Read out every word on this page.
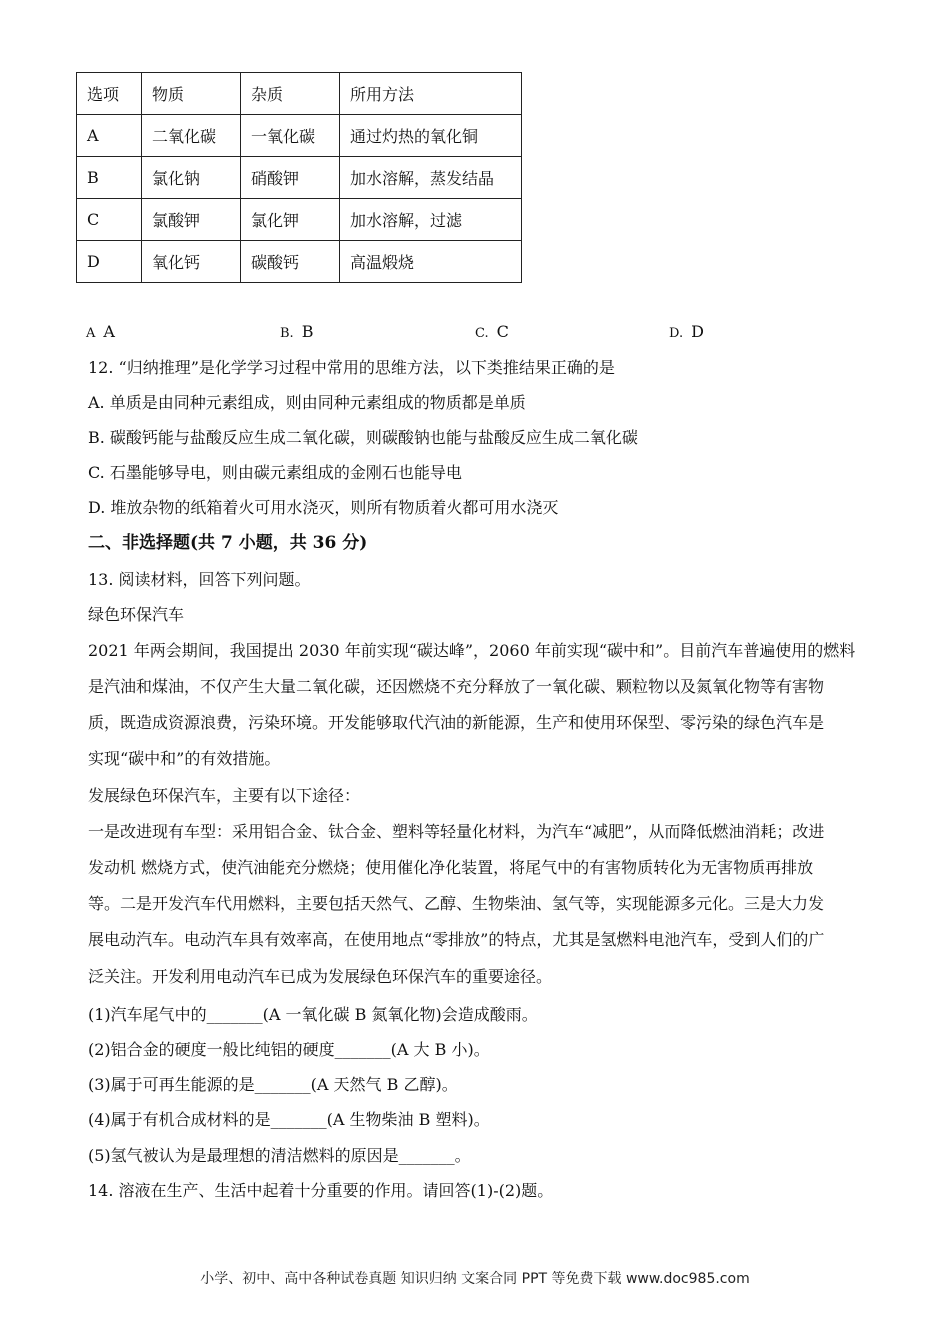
选项	物质	杂质	所用方法
A	二氧化碳	一氧化碳	通过灼热的氧化铜
B	氯化钠	硝酸钾	加水溶解，蒸发结晶
C	氯酸钾	氯化钾	加水溶解，过滤
D	氧化钙	碳酸钙	高温煅烧
A A	B. B	C. C	D. D
12. “归纳推理”是化学学习过程中常用的思维方法，以下类推结果正确的是
A. 单质是由同种元素组成，则由同种元素组成的物质都是单质
B. 碳酸钙能与盐酸反应生成二氧化碳，则碳酸钠也能与盐酸反应生成二氧化碳
C. 石墨能够导电，则由碳元素组成的金刚石也能导电
D. 堆放杂物的纸箱着火可用水浇灭，则所有物质着火都可用水浇灭
二、非选择题(共 7 小题，共 36 分)
13. 阅读材料，回答下列问题。
绿色环保汽车
2021 年两会期间，我国提出 2030 年前实现“碳达峰”，2060 年前实现“碳中和”。目前汽车普遍使用的燃料
是汽油和煤油，不仅产生大量二氧化碳，还因燃烧不充分释放了一氧化碳、颗粒物以及氮氧化物等有害物
质，既造成资源浪费，污染环境。开发能够取代汽油的新能源，生产和使用环保型、零污染的绿色汽车是
实现“碳中和”的有效措施。
发展绿色环保汽车，主要有以下途径：
一是改进现有车型：采用铝合金、钛合金、塑料等轻量化材料，为汽车“减肥”，从而降低燃油消耗；改进
发动机 燃烧方式，使汽油能充分燃烧；使用催化净化装置，将尾气中的有害物质转化为无害物质再排放
等。二是开发汽车代用燃料，主要包括天然气、乙醇、生物柴油、氢气等，实现能源多元化。三是大力发
展电动汽车。电动汽车具有效率高，在使用地点“零排放”的特点，尤其是氢燃料电池汽车，受到人们的广
泛关注。开发利用电动汽车已成为发展绿色环保汽车的重要途径。
(1)汽车尾气中的_______(A 一氧化碳 B 氮氧化物)会造成酸雨。
(2)铝合金的硬度一般比纯铝的硬度_______(A 大 B 小)。
(3)属于可再生能源的是_______(A 天然气 B 乙醇)。
(4)属于有机合成材料的是_______(A 生物柴油 B 塑料)。
(5)氢气被认为是最理想的清洁燃料的原因是_______。
14. 溶液在生产、生活中起着十分重要的作用。请回答(1)-(2)题。
小学、初中、高中各种试卷真题 知识归纳 文案合同 PPT 等免费下载 www.doc985.com
